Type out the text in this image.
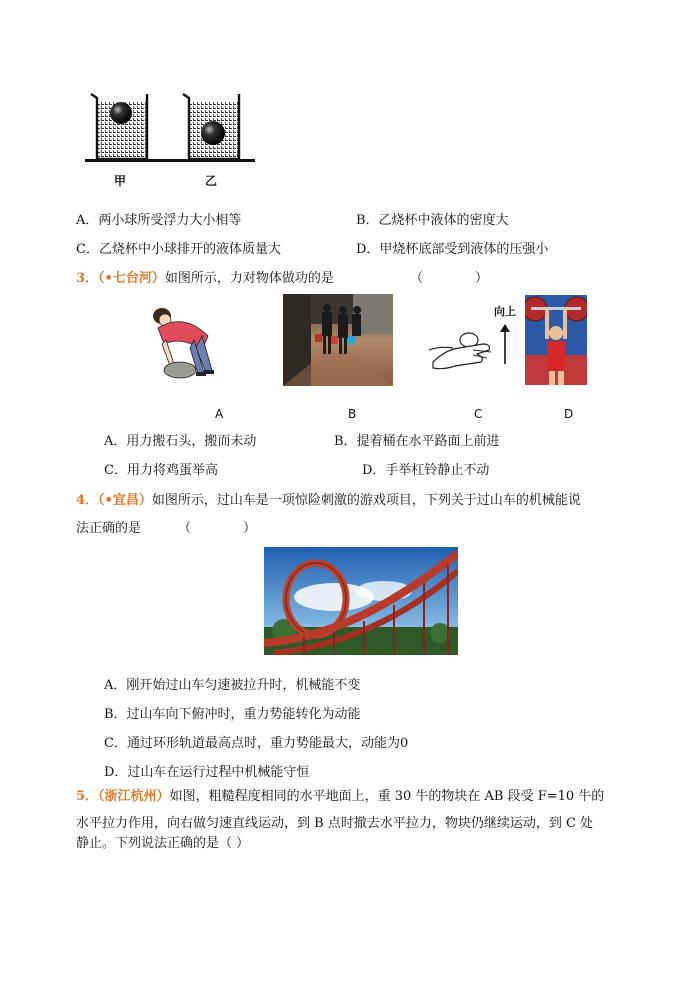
甲	乙
A．两小球所受浮力大小相等	B．乙烧杯中液体的密度大
C．乙烧杯中小球排开的液体质量大	D．甲烧杯底部受到液体的压强小
3．（•七台河）如图所示，力对物体做功的是	（　　　　）
向上
A	B	C	D
A．用力搬石头，搬而未动	B．提着桶在水平路面上前进
C．用力将鸡蛋举高	D．手举杠铃静止不动
4．（•宜昌）如图所示，过山车是一项惊险刺激的游戏项目，下列关于过山车的机械能说
法正确的是	（　　　　）
A．刚开始过山车匀速被拉升时，机械能不变
B．过山车向下俯冲时，重力势能转化为动能
C．通过环形轨道最高点时，重力势能最大，动能为0
D．过山车在运行过程中机械能守恒
5．（浙江杭州）如图，粗糙程度相同的水平地面上，重 30 牛的物块在 AB 段受 F=10 牛的
水平拉力作用，向右做匀速直线运动，到 B 点时撤去水平拉力，物块仍继续运动，到 C 处
静止。下列说法正确的是（ ）
